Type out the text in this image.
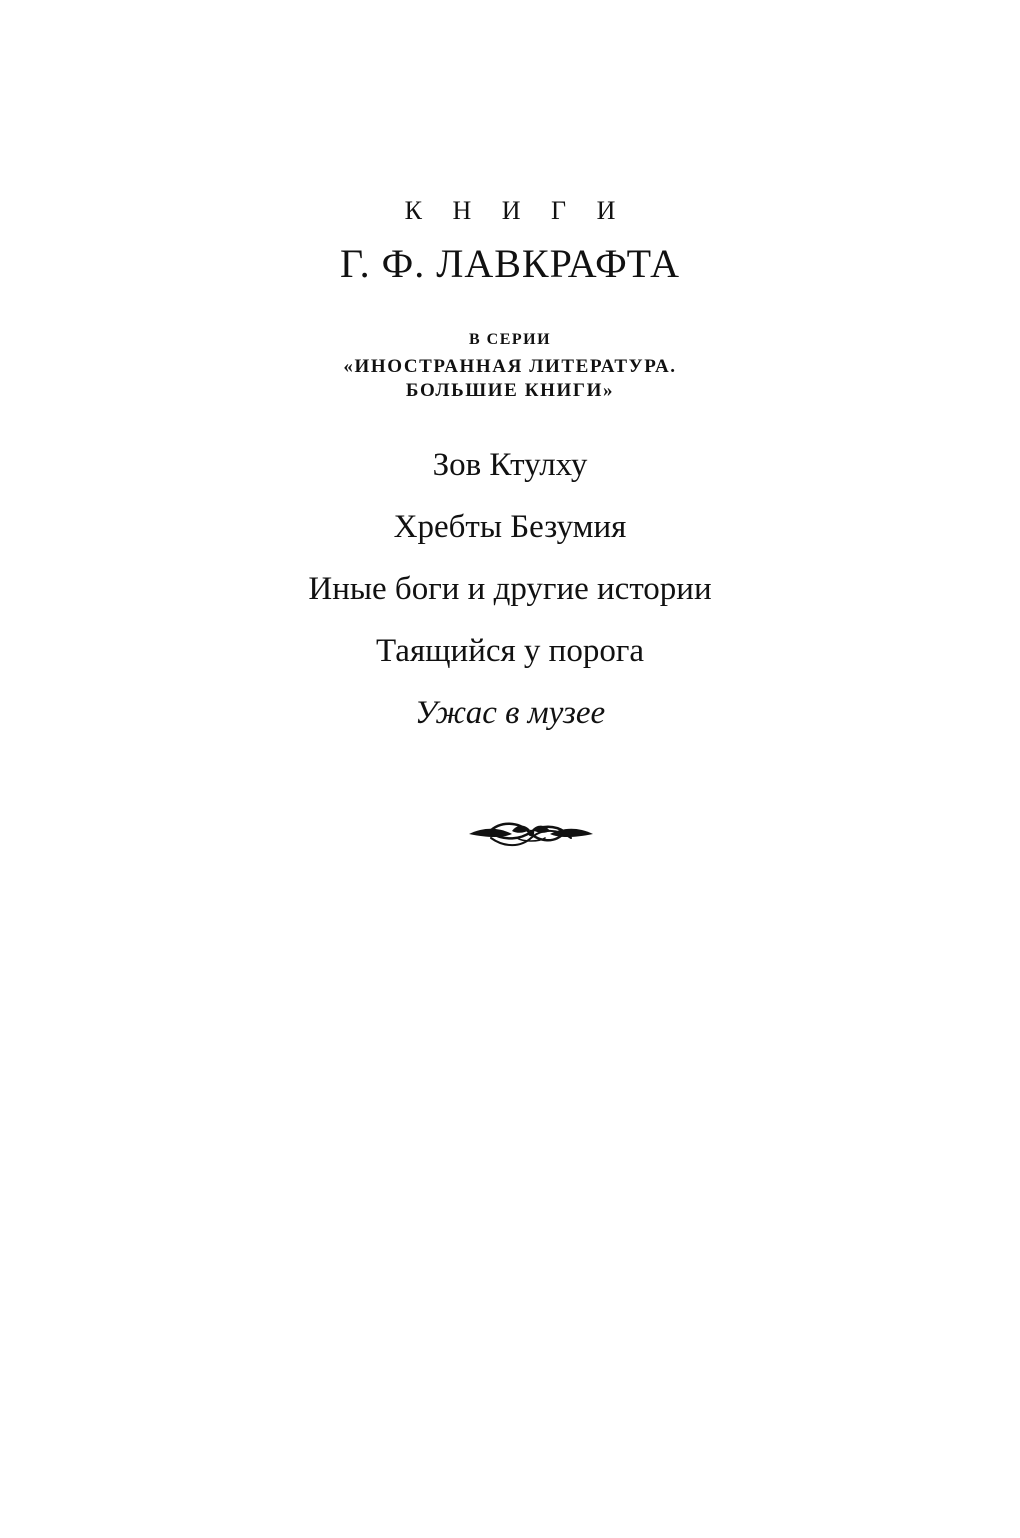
К Н И Г И
Г. Ф. ЛАВКРАФТА
В СЕРИИ
«ИНОСТРАННАЯ ЛИТЕРАТУРА.
БОЛЬШИЕ КНИГИ»
Зов Ктулху
Хребты Безумия
Иные боги и другие истории
Таящийся у порога
Ужас в музее
